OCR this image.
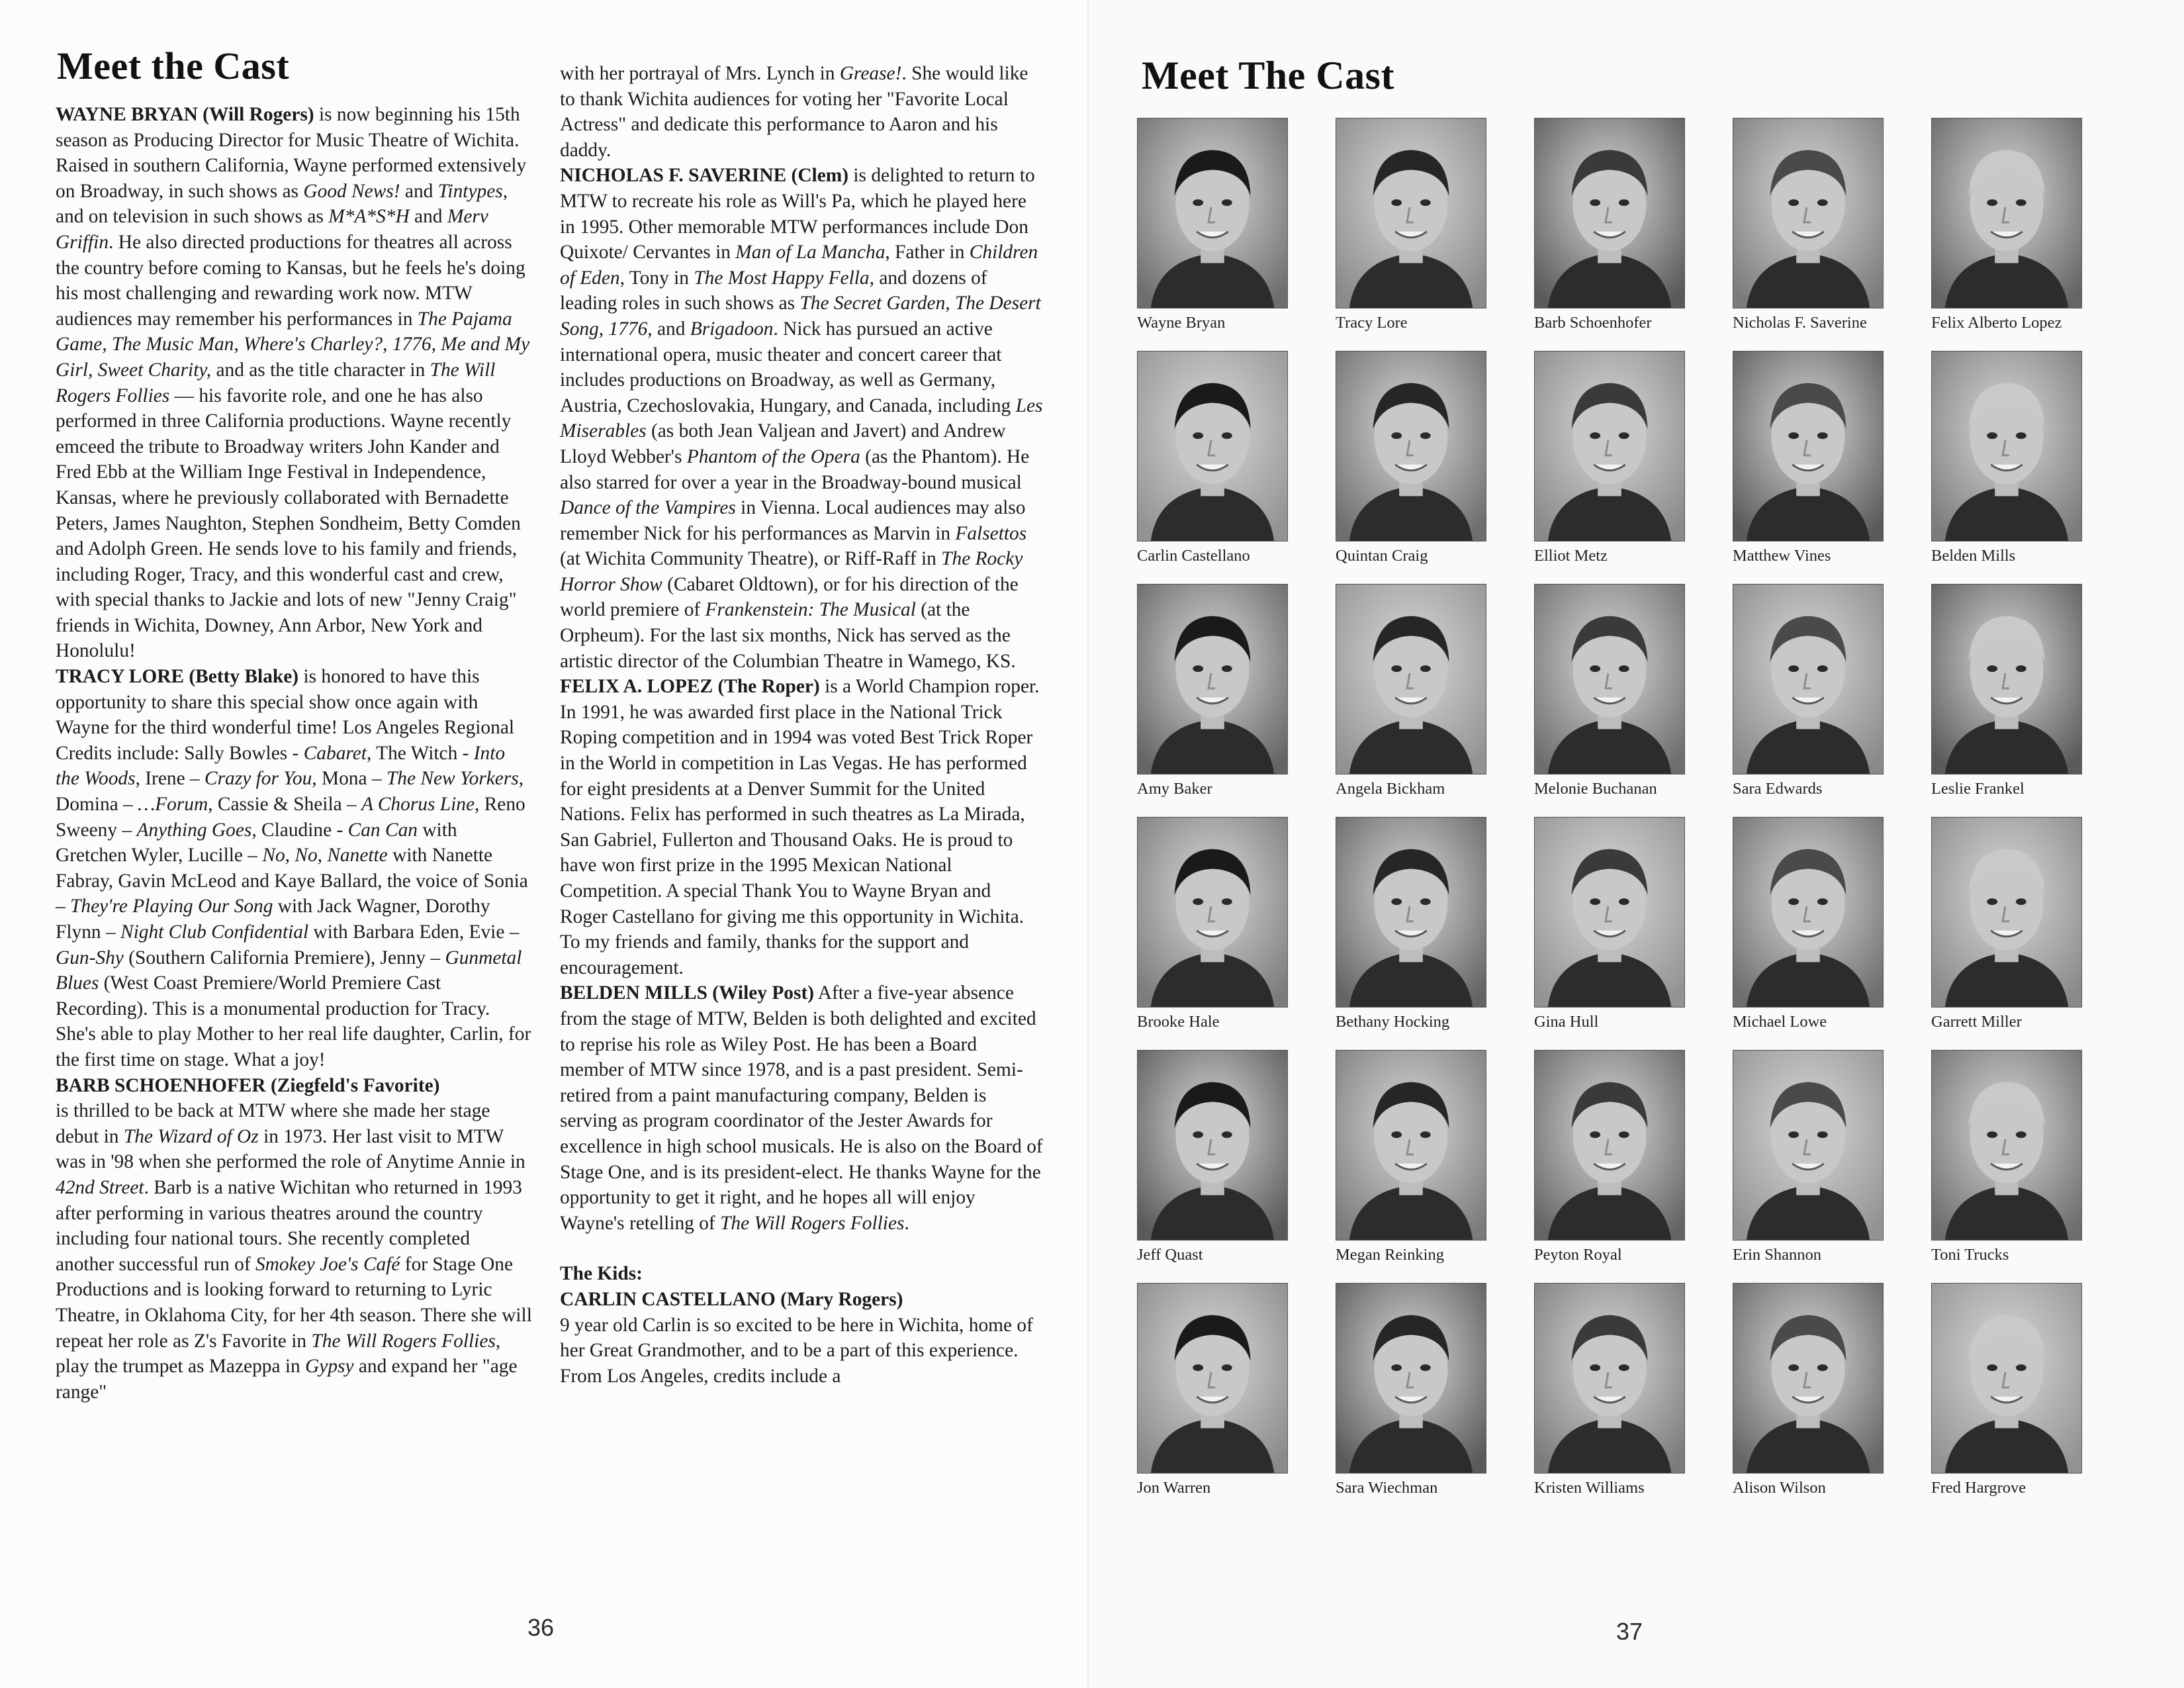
Meet the Cast

WAYNE BRYAN (Will Rogers) is now beginning his 15th season as Producing Director for Music Theatre of Wichita. Raised in southern California, Wayne performed extensively on Broadway, in such shows as Good News! and Tintypes, and on television in such shows as M*A*S*H and Merv Griffin. He also directed productions for theatres all across the country before coming to Kansas, but he feels he's doing his most challenging and rewarding work now. MTW audiences may remember his performances in The Pajama Game, The Music Man, Where's Charley?, 1776, Me and My Girl, Sweet Charity, and as the title character in The Will Rogers Follies — his favorite role, and one he has also performed in three California productions. Wayne recently emceed the tribute to Broadway writers John Kander and Fred Ebb at the William Inge Festival in Independence, Kansas, where he previously collaborated with Bernadette Peters, James Naughton, Stephen Sondheim, Betty Comden and Adolph Green. He sends love to his family and friends, including Roger, Tracy, and this wonderful cast and crew, with special thanks to Jackie and lots of new "Jenny Craig" friends in Wichita, Downey, Ann Arbor, New York and Honolulu!

TRACY LORE (Betty Blake) is honored to have this opportunity to share this special show once again with Wayne for the third wonderful time! Los Angeles Regional Credits include: Sally Bowles - Cabaret, The Witch - Into the Woods, Irene – Crazy for You, Mona – The New Yorkers, Domina – …Forum, Cassie & Sheila – A Chorus Line, Reno Sweeny – Anything Goes, Claudine - Can Can with Gretchen Wyler, Lucille – No, No, Nanette with Nanette Fabray, Gavin McLeod and Kaye Ballard, the voice of Sonia – They're Playing Our Song with Jack Wagner, Dorothy Flynn – Night Club Confidential with Barbara Eden, Evie – Gun-Shy (Southern California Premiere), Jenny – Gunmetal Blues (West Coast Premiere/World Premiere Cast Recording). This is a monumental production for Tracy. She's able to play Mother to her real life daughter, Carlin, for the first time on stage. What a joy!

BARB SCHOENHOFER (Ziegfeld's Favorite)

is thrilled to be back at MTW where she made her stage debut in The Wizard of Oz in 1973. Her last visit to MTW was in '98 when she performed the role of Anytime Annie in 42nd Street. Barb is a native Wichitan who returned in 1993 after performing in various theatres around the country including four national tours. She recently completed another successful run of Smokey Joe's Café for Stage One Productions and is looking forward to returning to Lyric Theatre, in Oklahoma City, for her 4th season. There she will repeat her role as Z's Favorite in The Will Rogers Follies, play the trumpet as Mazeppa in Gypsy and expand her "age range"

with her portrayal of Mrs. Lynch in Grease!. She would like to thank Wichita audiences for voting her "Favorite Local Actress" and dedicate this performance to Aaron and his daddy.

NICHOLAS F. SAVERINE (Clem) is delighted to return to MTW to recreate his role as Will's Pa, which he played here in 1995. Other memorable MTW performances include Don Quixote/ Cervantes in Man of La Mancha, Father in Children of Eden, Tony in The Most Happy Fella, and dozens of leading roles in such shows as The Secret Garden, The Desert Song, 1776, and Brigadoon. Nick has pursued an active international opera, music theater and concert career that includes productions on Broadway, as well as Germany, Austria, Czechoslovakia, Hungary, and Canada, including Les Miserables (as both Jean Valjean and Javert) and Andrew Lloyd Webber's Phantom of the Opera (as the Phantom). He also starred for over a year in the Broadway-bound musical Dance of the Vampires in Vienna. Local audiences may also remember Nick for his performances as Marvin in Falsettos (at Wichita Community Theatre), or Riff-Raff in The Rocky Horror Show (Cabaret Oldtown), or for his direction of the world premiere of Frankenstein: The Musical (at the Orpheum). For the last six months, Nick has served as the artistic director of the Columbian Theatre in Wamego, KS.

FELIX A. LOPEZ (The Roper) is a World Champion roper. In 1991, he was awarded first place in the National Trick Roping competition and in 1994 was voted Best Trick Roper in the World in competition in Las Vegas. He has performed for eight presidents at a Denver Summit for the United Nations. Felix has performed in such theatres as La Mirada, San Gabriel, Fullerton and Thousand Oaks. He is proud to have won first prize in the 1995 Mexican National Competition. A special Thank You to Wayne Bryan and Roger Castellano for giving me this opportunity in Wichita. To my friends and family, thanks for the support and encouragement.

BELDEN MILLS (Wiley Post) After a five-year absence from the stage of MTW, Belden is both delighted and excited to reprise his role as Wiley Post. He has been a Board member of MTW since 1978, and is a past president. Semi-retired from a paint manufacturing company, Belden is serving as program coordinator of the Jester Awards for excellence in high school musicals. He is also on the Board of Stage One, and is its president-elect. He thanks Wayne for the opportunity to get it right, and he hopes all will enjoy Wayne's retelling of The Will Rogers Follies.

The Kids:

CARLIN CASTELLANO (Mary Rogers)

9 year old Carlin is so excited to be here in Wichita, home of her Great Grandmother, and to be a part of this experience. From Los Angeles, credits include a

36
Meet The Cast
Wayne Bryan	Tracy Lore	Barb Schoenhofer	Nicholas F. Saverine	Felix Alberto Lopez
Carlin Castellano	Quintan Craig	Elliot Metz	Matthew Vines	Belden Mills
Amy Baker	Angela Bickham	Melonie Buchanan	Sara Edwards	Leslie Frankel
Brooke Hale	Bethany Hocking	Gina Hull	Michael Lowe	Garrett Miller
Jeff Quast	Megan Reinking	Peyton Royal	Erin Shannon	Toni Trucks
Jon Warren	Sara Wiechman	Kristen Williams	Alison Wilson	Fred Hargrove
37
